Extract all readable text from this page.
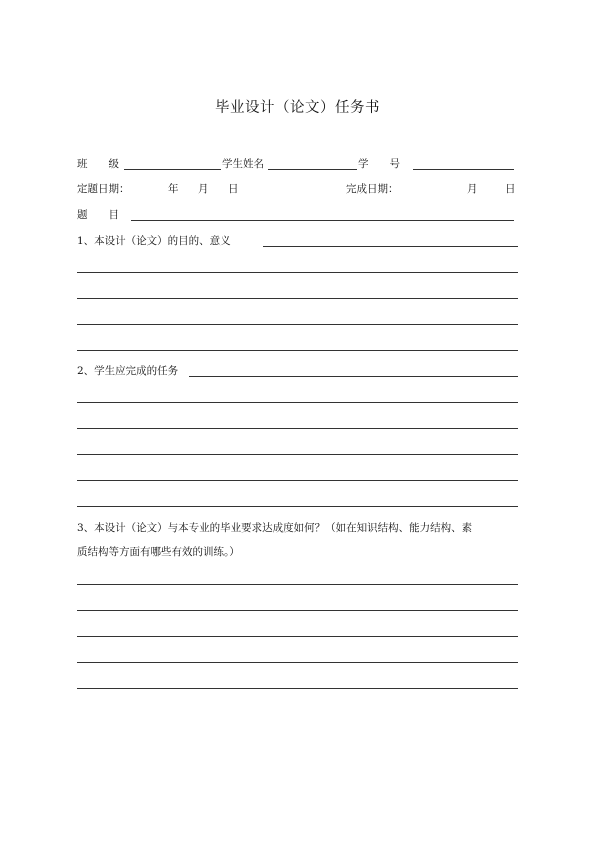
毕业设计（论文）任务书
班　　级	学生姓名	学　　号
定题日期：	年 月 日	完成日期：	月	日
题　　目
1、本设计（论文）的目的、意义
2、学生应完成的任务
3、本设计（论文）与本专业的毕业要求达成度如何？（如在知识结构、能力结构、素
质结构等方面有哪些有效的训练。）
